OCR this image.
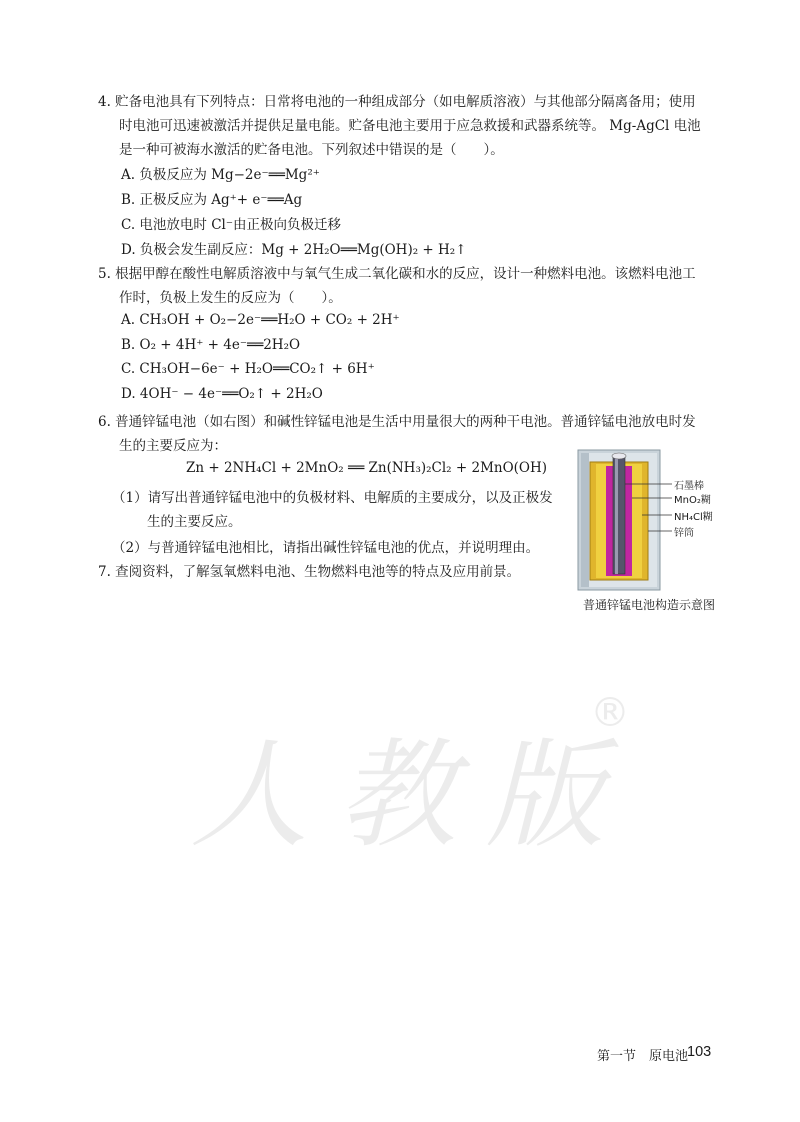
4. 贮备电池具有下列特点：日常将电池的一种组成部分（如电解质溶液）与其他部分隔离备用；使用
时电池可迅速被激活并提供足量电能。贮备电池主要用于应急救援和武器系统等。 Mg-AgCl 电池
是一种可被海水激活的贮备电池。下列叙述中错误的是（　　）。
A. 负极反应为 Mg−2e⁻══Mg²⁺
B. 正极反应为 Ag⁺+ e⁻══Ag
C. 电池放电时 Cl⁻由正极向负极迁移
D. 负极会发生副反应：Mg + 2H₂O══Mg(OH)₂ + H₂↑
5. 根据甲醇在酸性电解质溶液中与氧气生成二氧化碳和水的反应，设计一种燃料电池。该燃料电池工
作时，负极上发生的反应为（　　）。
A. CH₃OH + O₂−2e⁻══H₂O + CO₂ + 2H⁺
B. O₂ + 4H⁺ + 4e⁻══2H₂O
C. CH₃OH−6e⁻ + H₂O══CO₂↑ + 6H⁺
D. 4OH⁻ − 4e⁻══O₂↑ + 2H₂O
6. 普通锌锰电池（如右图）和碱性锌锰电池是生活中用量很大的两种干电池。普通锌锰电池放电时发
生的主要反应为：
Zn + 2NH₄Cl + 2MnO₂ ══ Zn(NH₃)₂Cl₂ + 2MnO(OH)
（1）请写出普通锌锰电池中的负极材料、电解质的主要成分，以及正极发
生的主要反应。
（2）与普通锌锰电池相比，请指出碱性锌锰电池的优点，并说明理由。
7. 查阅资料，了解氢氧燃料电池、生物燃料电池等的特点及应用前景。
石墨棒
MnO₂糊
NH₄Cl糊
锌筒
普通锌锰电池构造示意图
人教版
®
第一节　原电池
103
